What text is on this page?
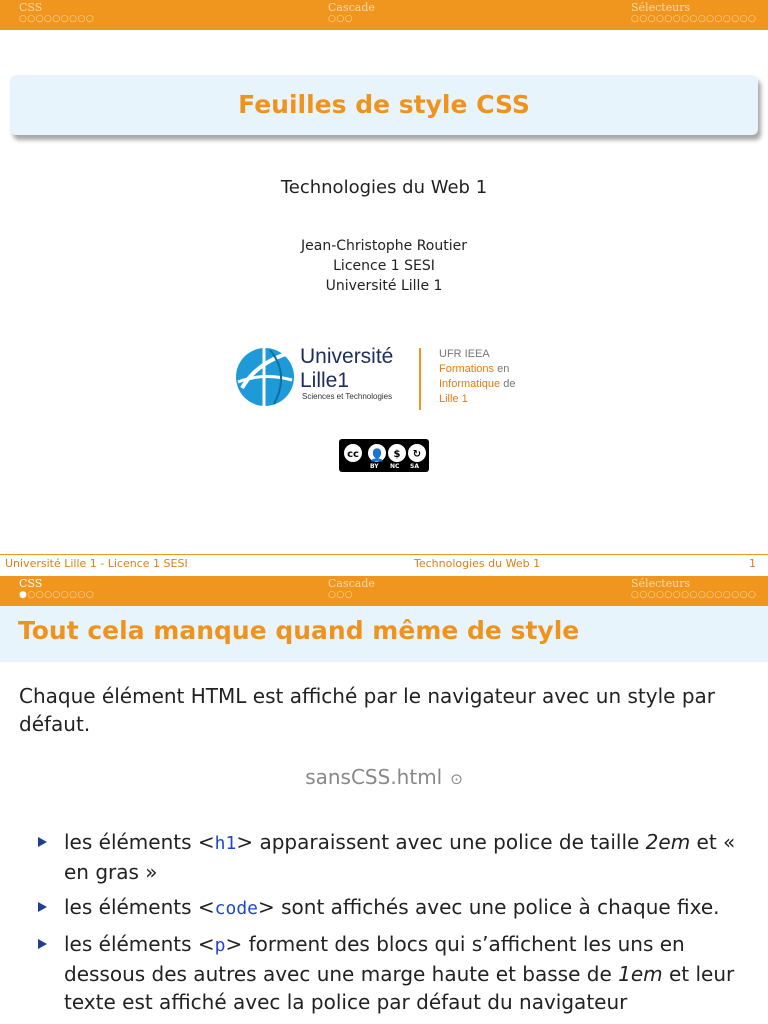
CSS
○○○○○○○○○
Cascade
○○○
Sélecteurs
○○○○○○○○○○○○○○○
Feuilles de style CSS
Technologies du Web 1
Jean-Christophe Routier
Licence 1 SESI
Université Lille 1
Université
Lille1
Sciences et Technologies
UFR IEEA
Formations en
Informatique de
Lille 1
cc 👤 $	↻
BY NC SA
Université Lille 1 - Licence 1 SESI	Technologies du Web 1	1
CSS
●○○○○○○○○
Cascade
○○○
Sélecteurs
○○○○○○○○○○○○○○○
Tout cela manque quand même de style
Chaque élément HTML est affiché par le navigateur avec un style par défaut.
sansCSS.html ⊙
les éléments <h1> apparaissent avec une police de taille 2em et « en gras »
les éléments <code> sont affichés avec une police à chaque fixe.
les éléments <p> forment des blocs qui s’affichent les uns en dessous des autres avec une marge haute et basse de 1em et leur texte est affiché avec la police par défaut du navigateur
